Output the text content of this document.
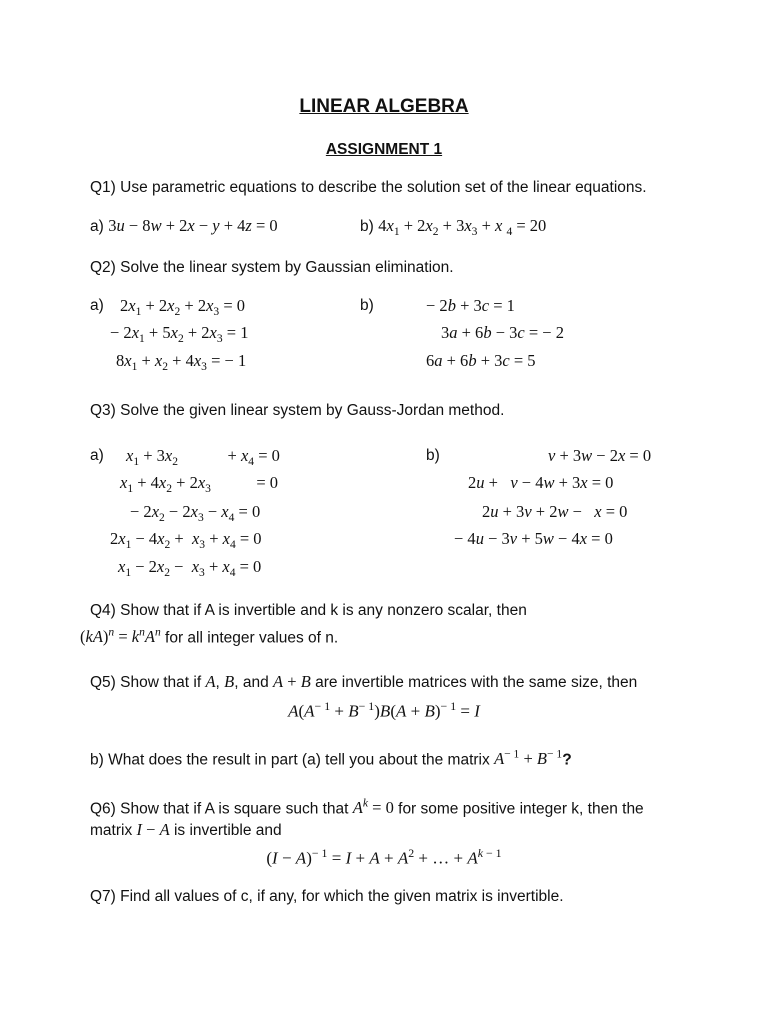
LINEAR ALGEBRA
ASSIGNMENT 1
Q1) Use parametric equations to describe the solution set of the linear equations.
a) 3u − 8w + 2x − y + 4z = 0	b) $4x_1 + 2x_2 + 3x_3 + x$ $_4$ = 20
Q2) Solve the linear system by Gaussian elimination.
a) $2x_1 + 2x_2 + 2x_3 = 0$
− $2x_1 + 5x_2 + 2x_3 = 1$
$8x_1 + x_2 + 4x_3$ = − 1
b)	− 2b + 3c = 1
3a + 6b − 3c = − 2
6a + 6b + 3c = 5
Q3) Solve the given linear system by Gauss-Jordan method.
a) $x_1 + 3x_2$            + $x_4 = 0$
$x_1 + 4x_2 + 2x_3$           = 0
− $2x_2 - 2x_3 - x_4 = 0$
$2x_1 - 4x_2 + x_3 + x_4 = 0$
$x_1 - 2x_2 - x_3 + x_4 = 0$
b)	v + 3w − 2x = 0
2u +   v − 4w + 3x = 0
2u + 3v + 2w −   x = 0
− 4u − 3v + 5w − 4x = 0
Q4) Show that if A is invertible and k is any nonzero scalar, then
$(kA)^n = k^nA^n$ for all integer values of n.
Q5) Show that if A, B, and A + B are invertible matrices with the same size, then
$A(A^{- 1} + B^{- 1})B(A + B)^{- 1} = I$
b) What does the result in part (a) tell you about the matrix $A^{- 1} + B^{- 1}$?
Q6) Show that if A is square such that $A^k = 0$ for some positive integer k, then the
matrix I − A is invertible and
$(I - A)^{- 1} = I + A + A^2$ + … + $A^{k - 1}$
Q7) Find all values of c, if any, for which the given matrix is invertible.
